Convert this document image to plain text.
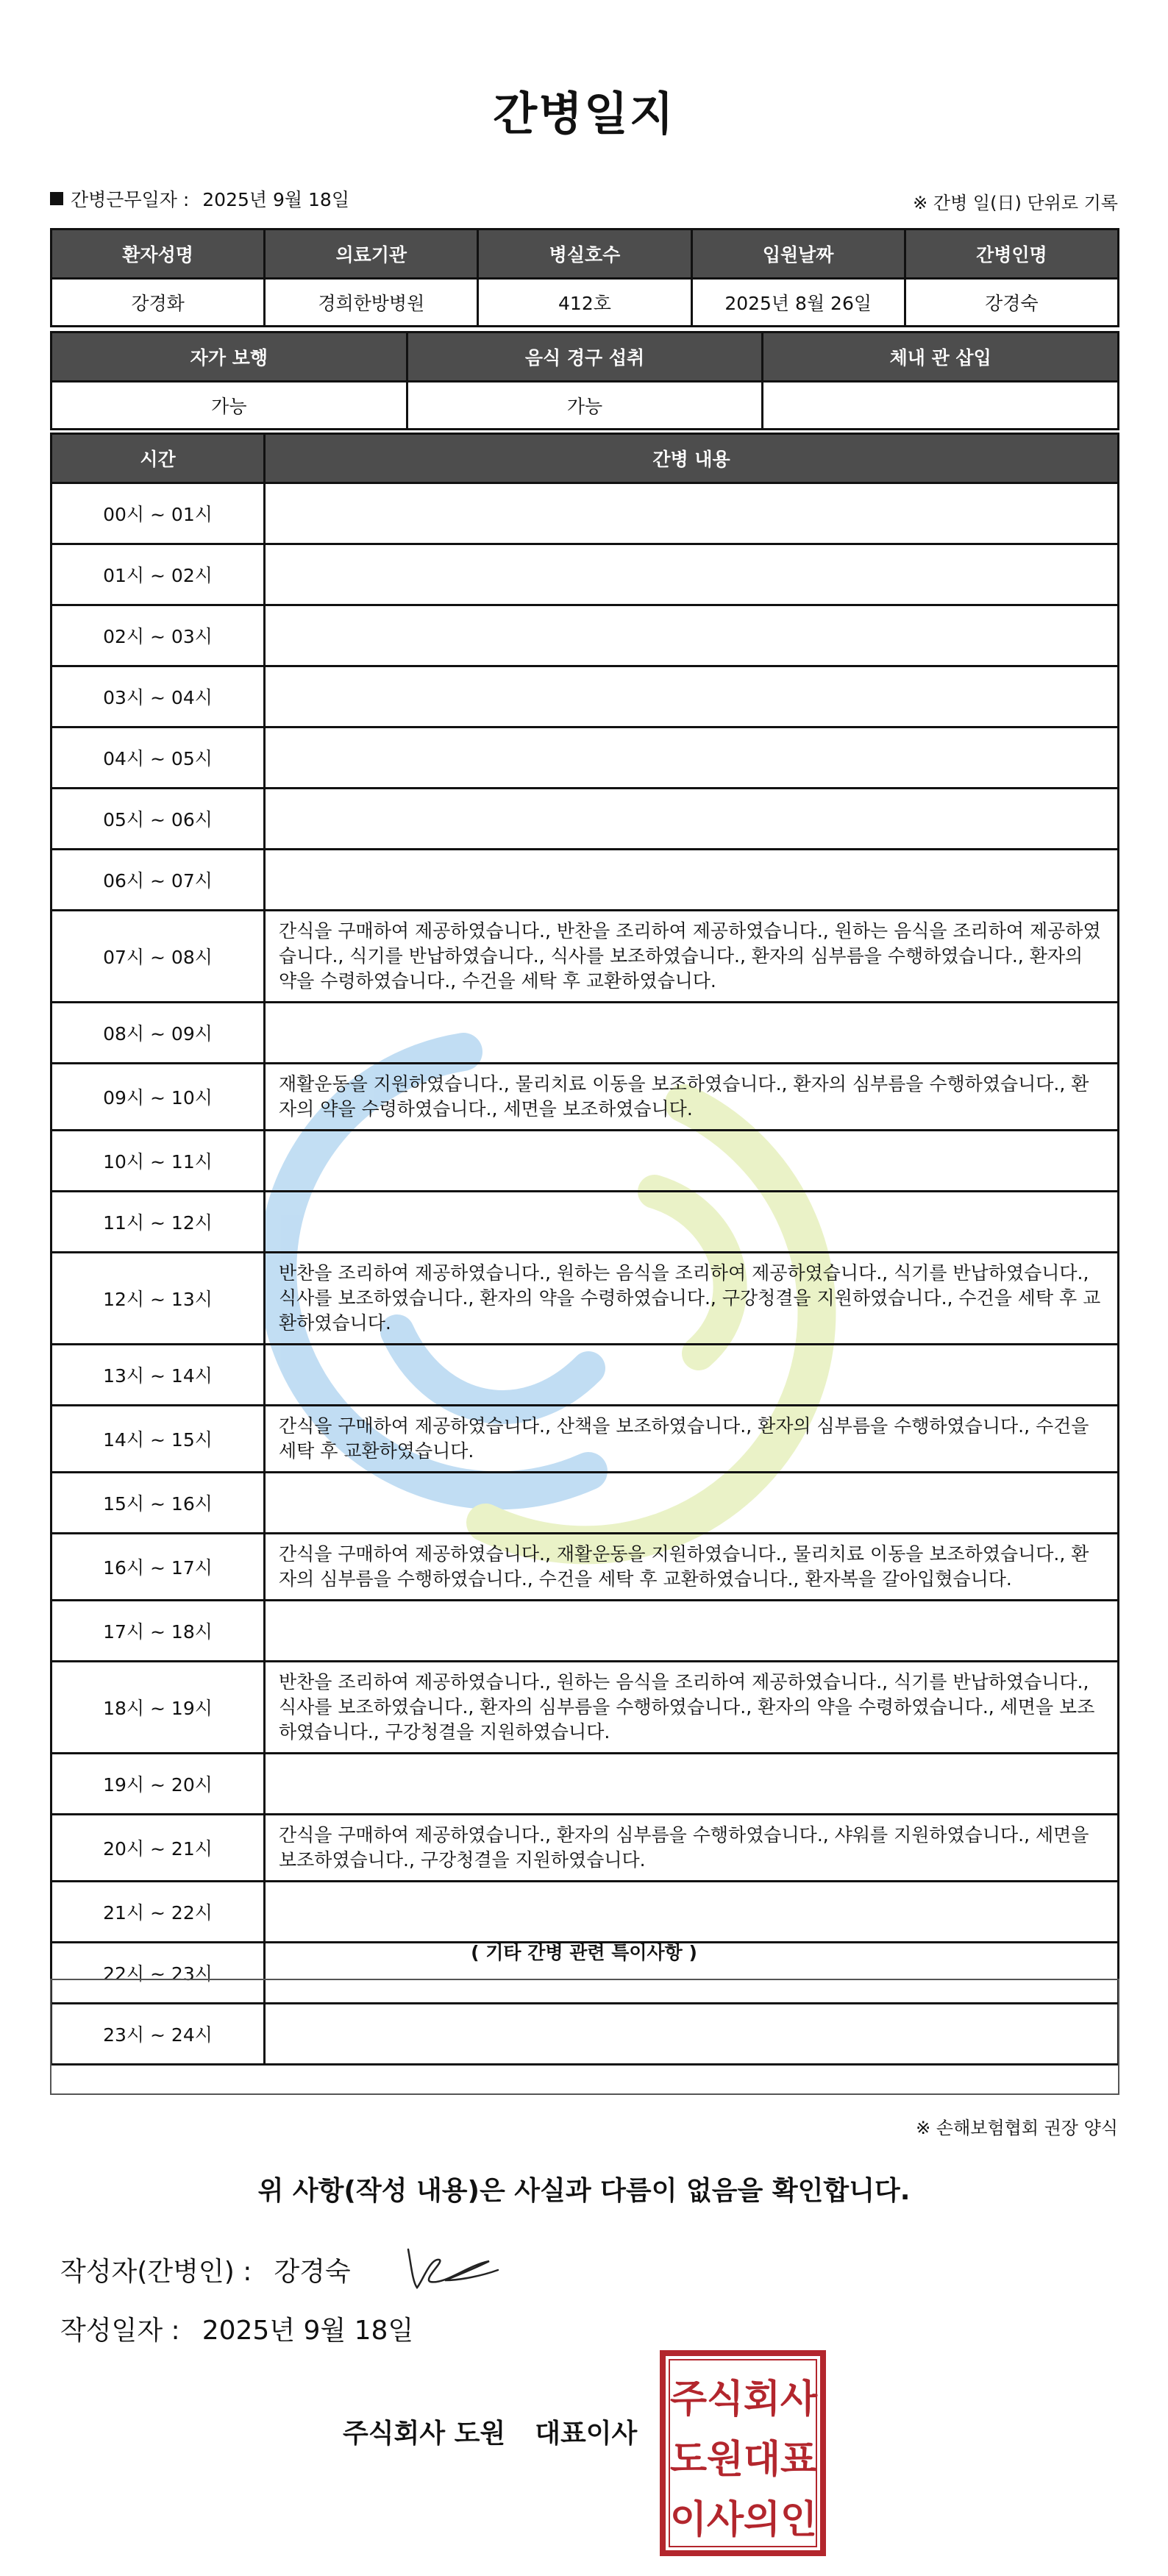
간병일지
간병근무일자 : 2025년 9월 18일	※ 간병 일(日) 단위로 기록
환자성명	의료기관	병실호수	입원날짜	간병인명
강경화	경희한방병원	412호	2025년 8월 26일	강경숙
자가 보행	음식 경구 섭취	체내 관 삽입
가능	가능	
시간	간병 내용
00시 ~ 01시	
01시 ~ 02시	
02시 ~ 03시	
03시 ~ 04시	
04시 ~ 05시	
05시 ~ 06시	
06시 ~ 07시	
07시 ~ 08시	간식을 구매하여 제공하였습니다., 반찬을 조리하여 제공하였습니다., 원하는 음식을 조리하여 제공하였습니다., 식기를 반납하였습니다., 식사를 보조하였습니다., 환자의 심부름을 수행하였습니다., 환자의 약을 수령하였습니다., 수건을 세탁 후 교환하였습니다.
08시 ~ 09시	
09시 ~ 10시	재활운동을 지원하였습니다., 물리치료 이동을 보조하였습니다., 환자의 심부름을 수행하였습니다., 환자의 약을 수령하였습니다., 세면을 보조하였습니다.
10시 ~ 11시	
11시 ~ 12시	
12시 ~ 13시	반찬을 조리하여 제공하였습니다., 원하는 음식을 조리하여 제공하였습니다., 식기를 반납하였습니다., 식사를 보조하였습니다., 환자의 약을 수령하였습니다., 구강청결을 지원하였습니다., 수건을 세탁 후 교환하였습니다.
13시 ~ 14시	
14시 ~ 15시	간식을 구매하여 제공하였습니다., 산책을 보조하였습니다., 환자의 심부름을 수행하였습니다., 수건을 세탁 후 교환하였습니다.
15시 ~ 16시	
16시 ~ 17시	간식을 구매하여 제공하였습니다., 재활운동을 지원하였습니다., 물리치료 이동을 보조하였습니다., 환자의 심부름을 수행하였습니다., 수건을 세탁 후 교환하였습니다., 환자복을 갈아입혔습니다.
17시 ~ 18시	
18시 ~ 19시	반찬을 조리하여 제공하였습니다., 원하는 음식을 조리하여 제공하였습니다., 식기를 반납하였습니다., 식사를 보조하였습니다., 환자의 심부름을 수행하였습니다., 환자의 약을 수령하였습니다., 세면을 보조하였습니다., 구강청결을 지원하였습니다.
19시 ~ 20시	
20시 ~ 21시	간식을 구매하여 제공하였습니다., 환자의 심부름을 수행하였습니다., 샤워를 지원하였습니다., 세면을 보조하였습니다., 구강청결을 지원하였습니다.
21시 ~ 22시	
22시 ~ 23시	
23시 ~ 24시	
( 기타 간병 관련 특이사항 )
※ 손해보험협회 권장 양식
위 사항(작성 내용)은 사실과 다름이 없음을 확인합니다.
작성자(간병인) : 강경숙
작성일자 : 2025년 9월 18일
주식회사 도원 대표이사
주 식 회 사
도 원 대 표
이 사 의 인
